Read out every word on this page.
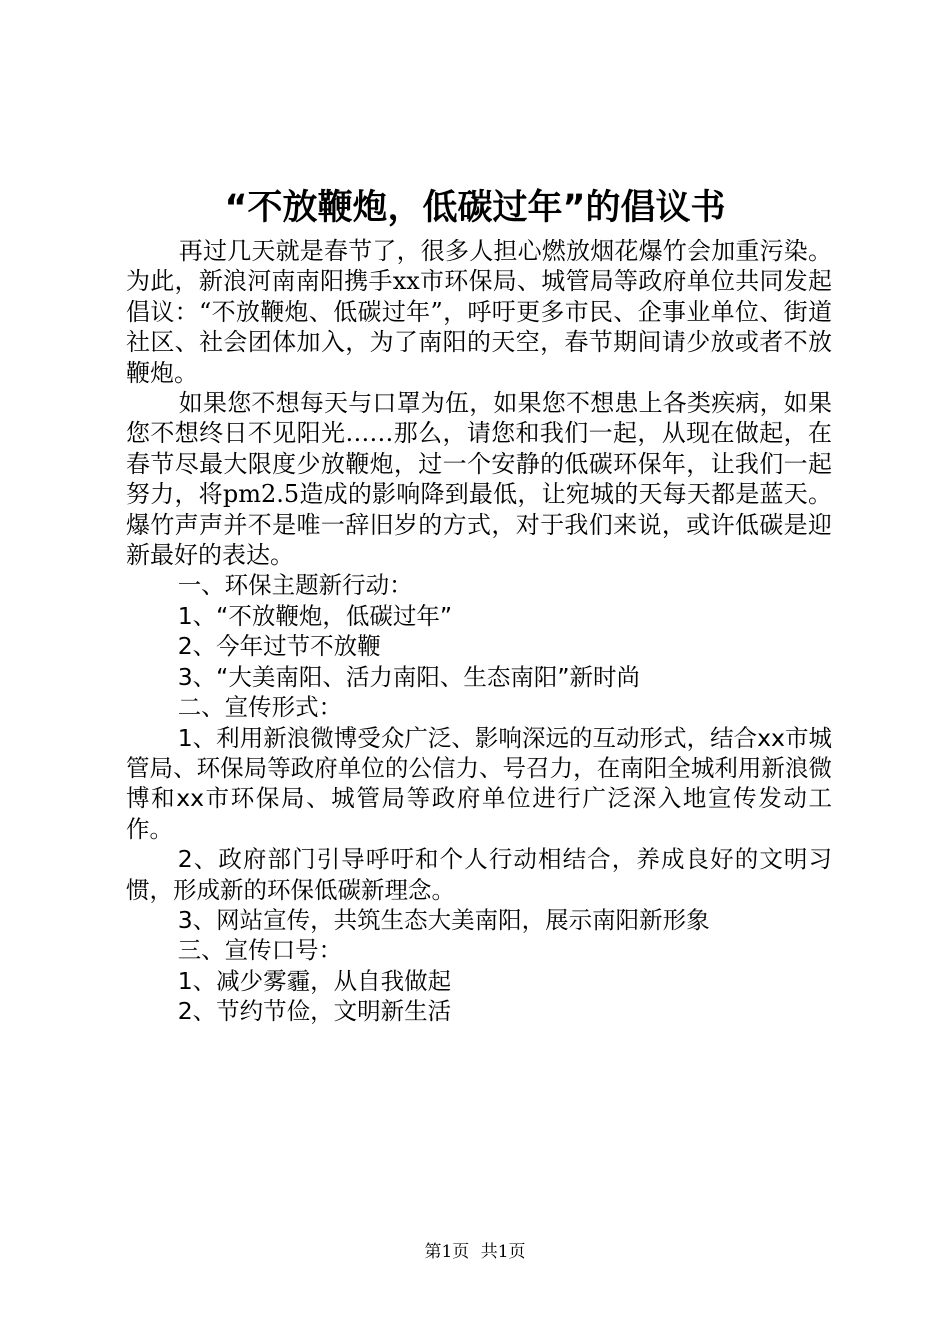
“不放鞭炮，低碳过年”的倡议书

再过几天就是春节了，很多人担心燃放烟花爆竹会加重污染。为此，新浪河南南阳携手xx市环保局、城管局等政府单位共同发起倡议：“不放鞭炮、低碳过年”，呼吁更多市民、企事业单位、街道社区、社会团体加入，为了南阳的天空，春节期间请少放或者不放鞭炮。

如果您不想每天与口罩为伍，如果您不想患上各类疾病，如果您不想终日不见阳光……那么，请您和我们一起，从现在做起，在春节尽最大限度少放鞭炮，过一个安静的低碳环保年，让我们一起努力，将pm2.5造成的影响降到最低，让宛城的天每天都是蓝天。爆竹声声并不是唯一辞旧岁的方式，对于我们来说，或许低碳是迎新最好的表达。

一、环保主题新行动：

1、“不放鞭炮，低碳过年”

2、今年过节不放鞭

3、“大美南阳、活力南阳、生态南阳”新时尚

二、宣传形式：

1、利用新浪微博受众广泛、影响深远的互动形式，结合xx市城管局、环保局等政府单位的公信力、号召力，在南阳全城利用新浪微博和xx市环保局、城管局等政府单位进行广泛深入地宣传发动工作。

2、政府部门引导呼吁和个人行动相结合，养成良好的文明习惯，形成新的环保低碳新理念。

3、网站宣传，共筑生态大美南阳，展示南阳新形象

三、宣传口号：

1、减少雾霾，从自我做起

2、节约节俭，文明新生活

第1页 共1页
